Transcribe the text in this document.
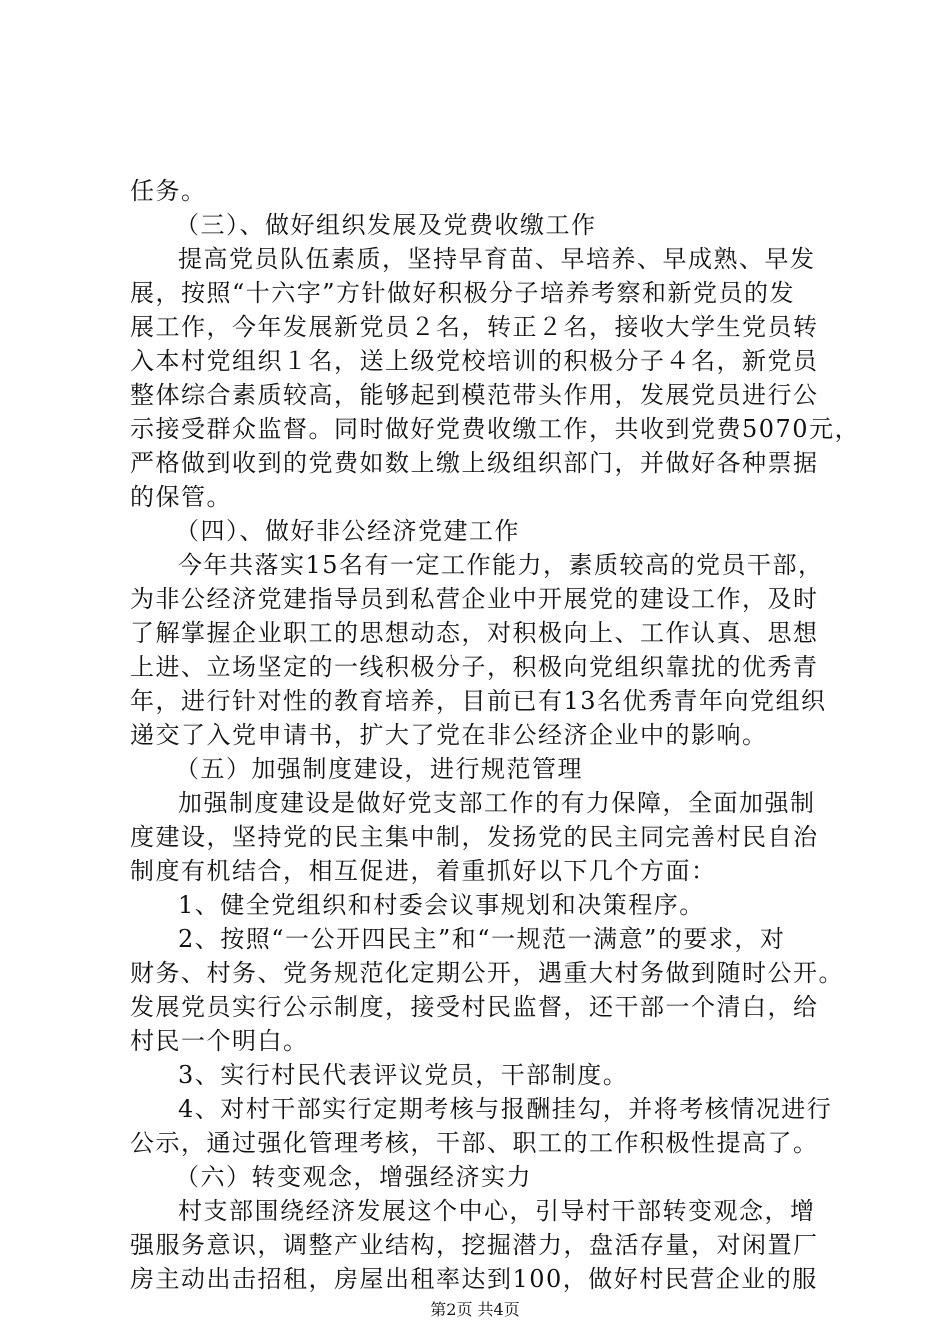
任务。
（三）、做好组织发展及党费收缴工作
提高党员队伍素质，坚持早育苗、早培养、早成熟、早发
展，按照“十六字”方针做好积极分子培养考察和新党员的发
展工作，今年发展新党员２名，转正２名，接收大学生党员转
入本村党组织１名，送上级党校培训的积极分子４名，新党员
整体综合素质较高，能够起到模范带头作用，发展党员进行公
示接受群众监督。同时做好党费收缴工作，共收到党费5070元，
严格做到收到的党费如数上缴上级组织部门，并做好各种票据
的保管。
（四）、做好非公经济党建工作
今年共落实15名有一定工作能力，素质较高的党员干部，
为非公经济党建指导员到私营企业中开展党的建设工作，及时
了解掌握企业职工的思想动态，对积极向上、工作认真、思想
上进、立场坚定的一线积极分子，积极向党组织靠扰的优秀青
年，进行针对性的教育培养，目前已有13名优秀青年向党组织
递交了入党申请书，扩大了党在非公经济企业中的影响。
（五）加强制度建设，进行规范管理
加强制度建设是做好党支部工作的有力保障，全面加强制
度建设，坚持党的民主集中制，发扬党的民主同完善村民自治
制度有机结合，相互促进，着重抓好以下几个方面：
1、健全党组织和村委会议事规划和决策程序。
2、按照“一公开四民主”和“一规范一满意”的要求，对
财务、村务、党务规范化定期公开，遇重大村务做到随时公开。
发展党员实行公示制度，接受村民监督，还干部一个清白，给
村民一个明白。
3、实行村民代表评议党员，干部制度。
4、对村干部实行定期考核与报酬挂勾，并将考核情况进行
公示，通过强化管理考核，干部、职工的工作积极性提高了。
（六）转变观念，增强经济实力
村支部围绕经济发展这个中心，引导村干部转变观念，增
强服务意识，调整产业结构，挖掘潜力，盘活存量，对闲置厂
房主动出击招租，房屋出租率达到100，做好村民营企业的服
第2页 共4页
